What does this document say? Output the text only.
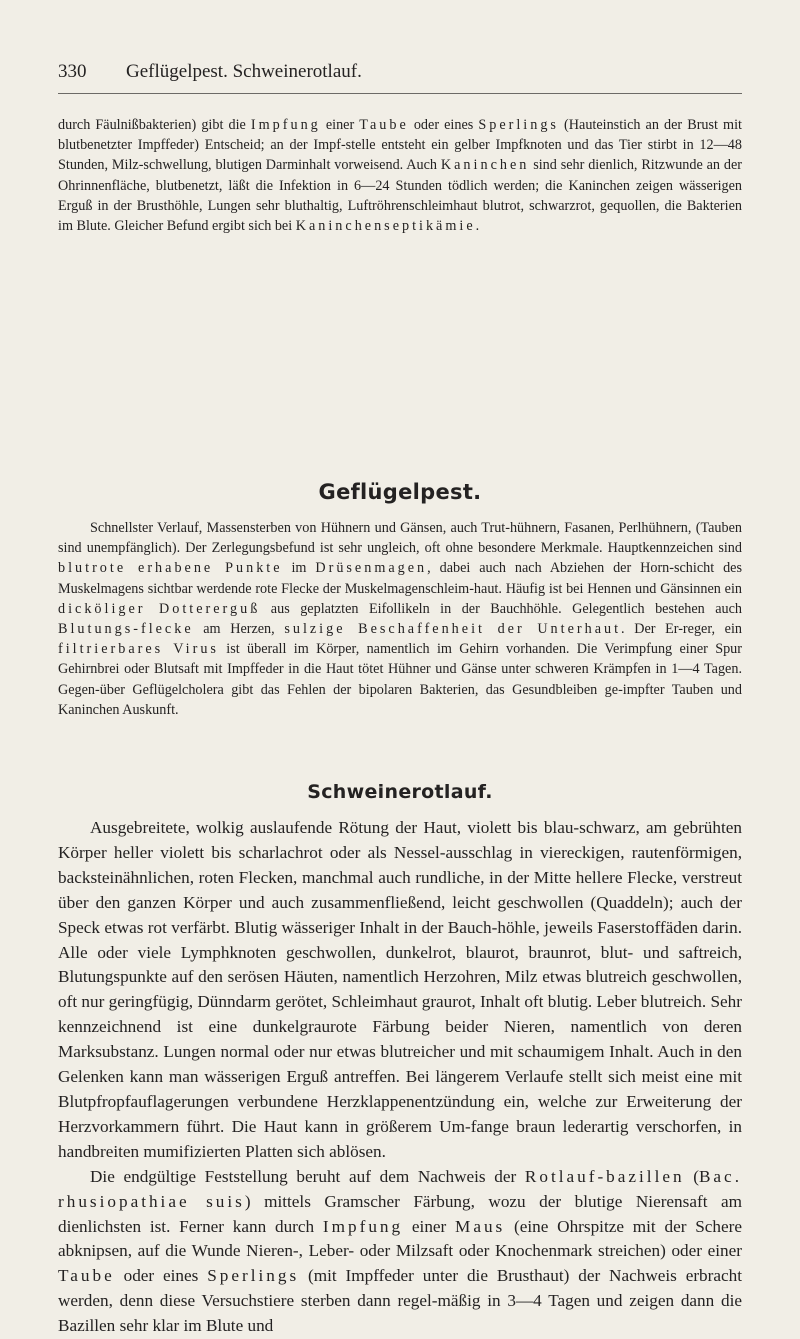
330 Geflügelpest. Schweinerotlauf.

durch Fäulnißbakterien) gibt die Impfung einer Taube oder eines Sperlings (Hauteinstich an der Brust mit blutbenetzter Impffeder) Entscheid; an der Impf-stelle entsteht ein gelber Impfknoten und das Tier stirbt in 12—48 Stunden, Milz-schwellung, blutigen Darminhalt vorweisend. Auch Kaninchen sind sehr dienlich, Ritzwunde an der Ohrinnenfläche, blutbenetzt, läßt die Infektion in 6—24 Stunden tödlich werden; die Kaninchen zeigen wässerigen Erguß in der Brusthöhle, Lungen sehr bluthaltig, Luftröhrenschleimhaut blutrot, schwarzrot, gequollen, die Bakterien im Blute. Gleicher Befund ergibt sich bei Kaninchenseptikämie.

Geflügelpest.

Schnellster Verlauf, Massensterben von Hühnern und Gänsen, auch Trut-hühnern, Fasanen, Perlhühnern, (Tauben sind unempfänglich). Der Zerlegungsbefund ist sehr ungleich, oft ohne besondere Merkmale. Hauptkennzeichen sind blutrote erhabene Punkte im Drüsenmagen, dabei auch nach Abziehen der Horn-schicht des Muskelmagens sichtbar werdende rote Flecke der Muskelmagenschleim-haut. Häufig ist bei Hennen und Gänsinnen ein dicköliger Dottererguß aus geplatzten Eifollikeln in der Bauchhöhle. Gelegentlich bestehen auch Blutungs-flecke am Herzen, sulzige Beschaffenheit der Unterhaut. Der Er-reger, ein filtrierbares Virus ist überall im Körper, namentlich im Gehirn vorhanden. Die Verimpfung einer Spur Gehirnbrei oder Blutsaft mit Impffeder in die Haut tötet Hühner und Gänse unter schweren Krämpfen in 1—4 Tagen. Gegen-über Geflügelcholera gibt das Fehlen der bipolaren Bakterien, das Gesundbleiben ge-impfter Tauben und Kaninchen Auskunft.

Schweinerotlauf.

Ausgebreitete, wolkig auslaufende Rötung der Haut, violett bis blau-schwarz, am gebrühten Körper heller violett bis scharlachrot oder als Nessel-ausschlag in viereckigen, rautenförmigen, backsteinähnlichen, roten Flecken, manchmal auch rundliche, in der Mitte hellere Flecke, verstreut über den ganzen Körper und auch zusammenfließend, leicht geschwollen (Quaddeln); auch der Speck etwas rot verfärbt. Blutig wässeriger Inhalt in der Bauch-höhle, jeweils Faserstoffäden darin. Alle oder viele Lymphknoten geschwollen, dunkelrot, blaurot, braunrot, blut- und saftreich, Blutungspunkte auf den serösen Häuten, namentlich Herzohren, Milz etwas blutreich geschwollen, oft nur geringfügig, Dünndarm gerötet, Schleimhaut graurot, Inhalt oft blutig. Leber blutreich. Sehr kennzeichnend ist eine dunkelgraurote Färbung beider Nieren, namentlich von deren Marksubstanz. Lungen normal oder nur etwas blutreicher und mit schaumigem Inhalt. Auch in den Gelenken kann man wässerigen Erguß antreffen. Bei längerem Verlaufe stellt sich meist eine mit Blutpfropfauflagerungen verbundene Herzklappenentzündung ein, welche zur Erweiterung der Herzvorkammern führt. Die Haut kann in größerem Um-fange braun lederartig verschorfen, in handbreiten mumifizierten Platten sich ablösen.

Die endgültige Feststellung beruht auf dem Nachweis der Rotlauf-bazillen (Bac. rhusiopathiae suis) mittels Gramscher Färbung, wozu der blutige Nierensaft am dienlichsten ist. Ferner kann durch Impfung einer Maus (eine Ohrspitze mit der Schere abknipsen, auf die Wunde Nieren-, Leber- oder Milzsaft oder Knochenmark streichen) oder einer Taube oder eines Sperlings (mit Impffeder unter die Brusthaut) der Nachweis erbracht werden, denn diese Versuchstiere sterben dann regel-mäßig in 3—4 Tagen und zeigen dann die Bazillen sehr klar im Blute und
